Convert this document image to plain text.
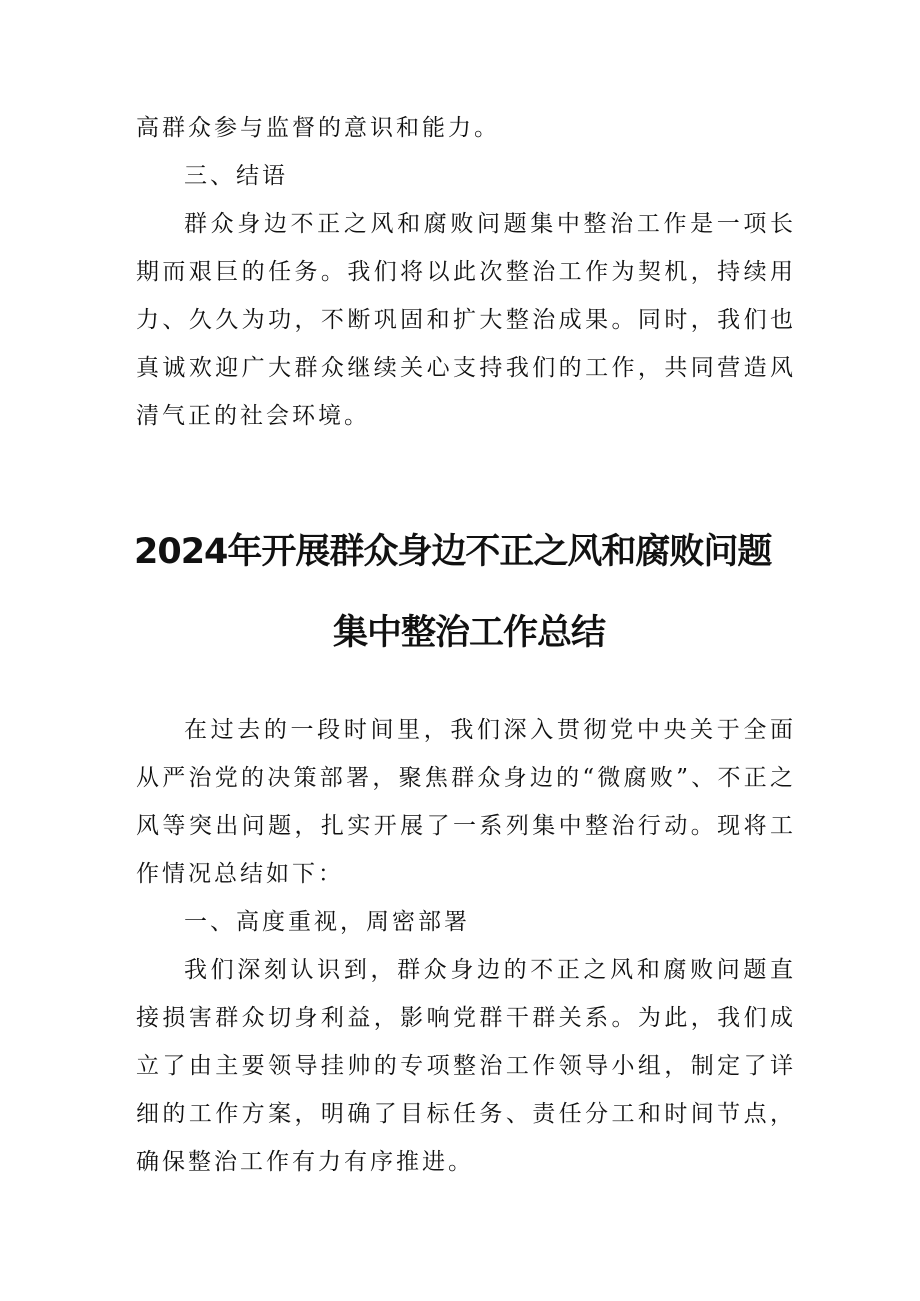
高群众参与监督的意识和能力。

三、结语

群众身边不正之风和腐败问题集中整治工作是一项长期而艰巨的任务。我们将以此次整治工作为契机，持续用力、久久为功，不断巩固和扩大整治成果。同时，我们也真诚欢迎广大群众继续关心支持我们的工作，共同营造风清气正的社会环境。

2024年开展群众身边不正之风和腐败问题
集中整治工作总结

在过去的一段时间里，我们深入贯彻党中央关于全面从严治党的决策部署，聚焦群众身边的“微腐败”、不正之风等突出问题，扎实开展了一系列集中整治行动。现将工作情况总结如下：

一、高度重视，周密部署

我们深刻认识到，群众身边的不正之风和腐败问题直接损害群众切身利益，影响党群干群关系。为此，我们成立了由主要领导挂帅的专项整治工作领导小组，制定了详细的工作方案，明确了目标任务、责任分工和时间节点，确保整治工作有力有序推进。
